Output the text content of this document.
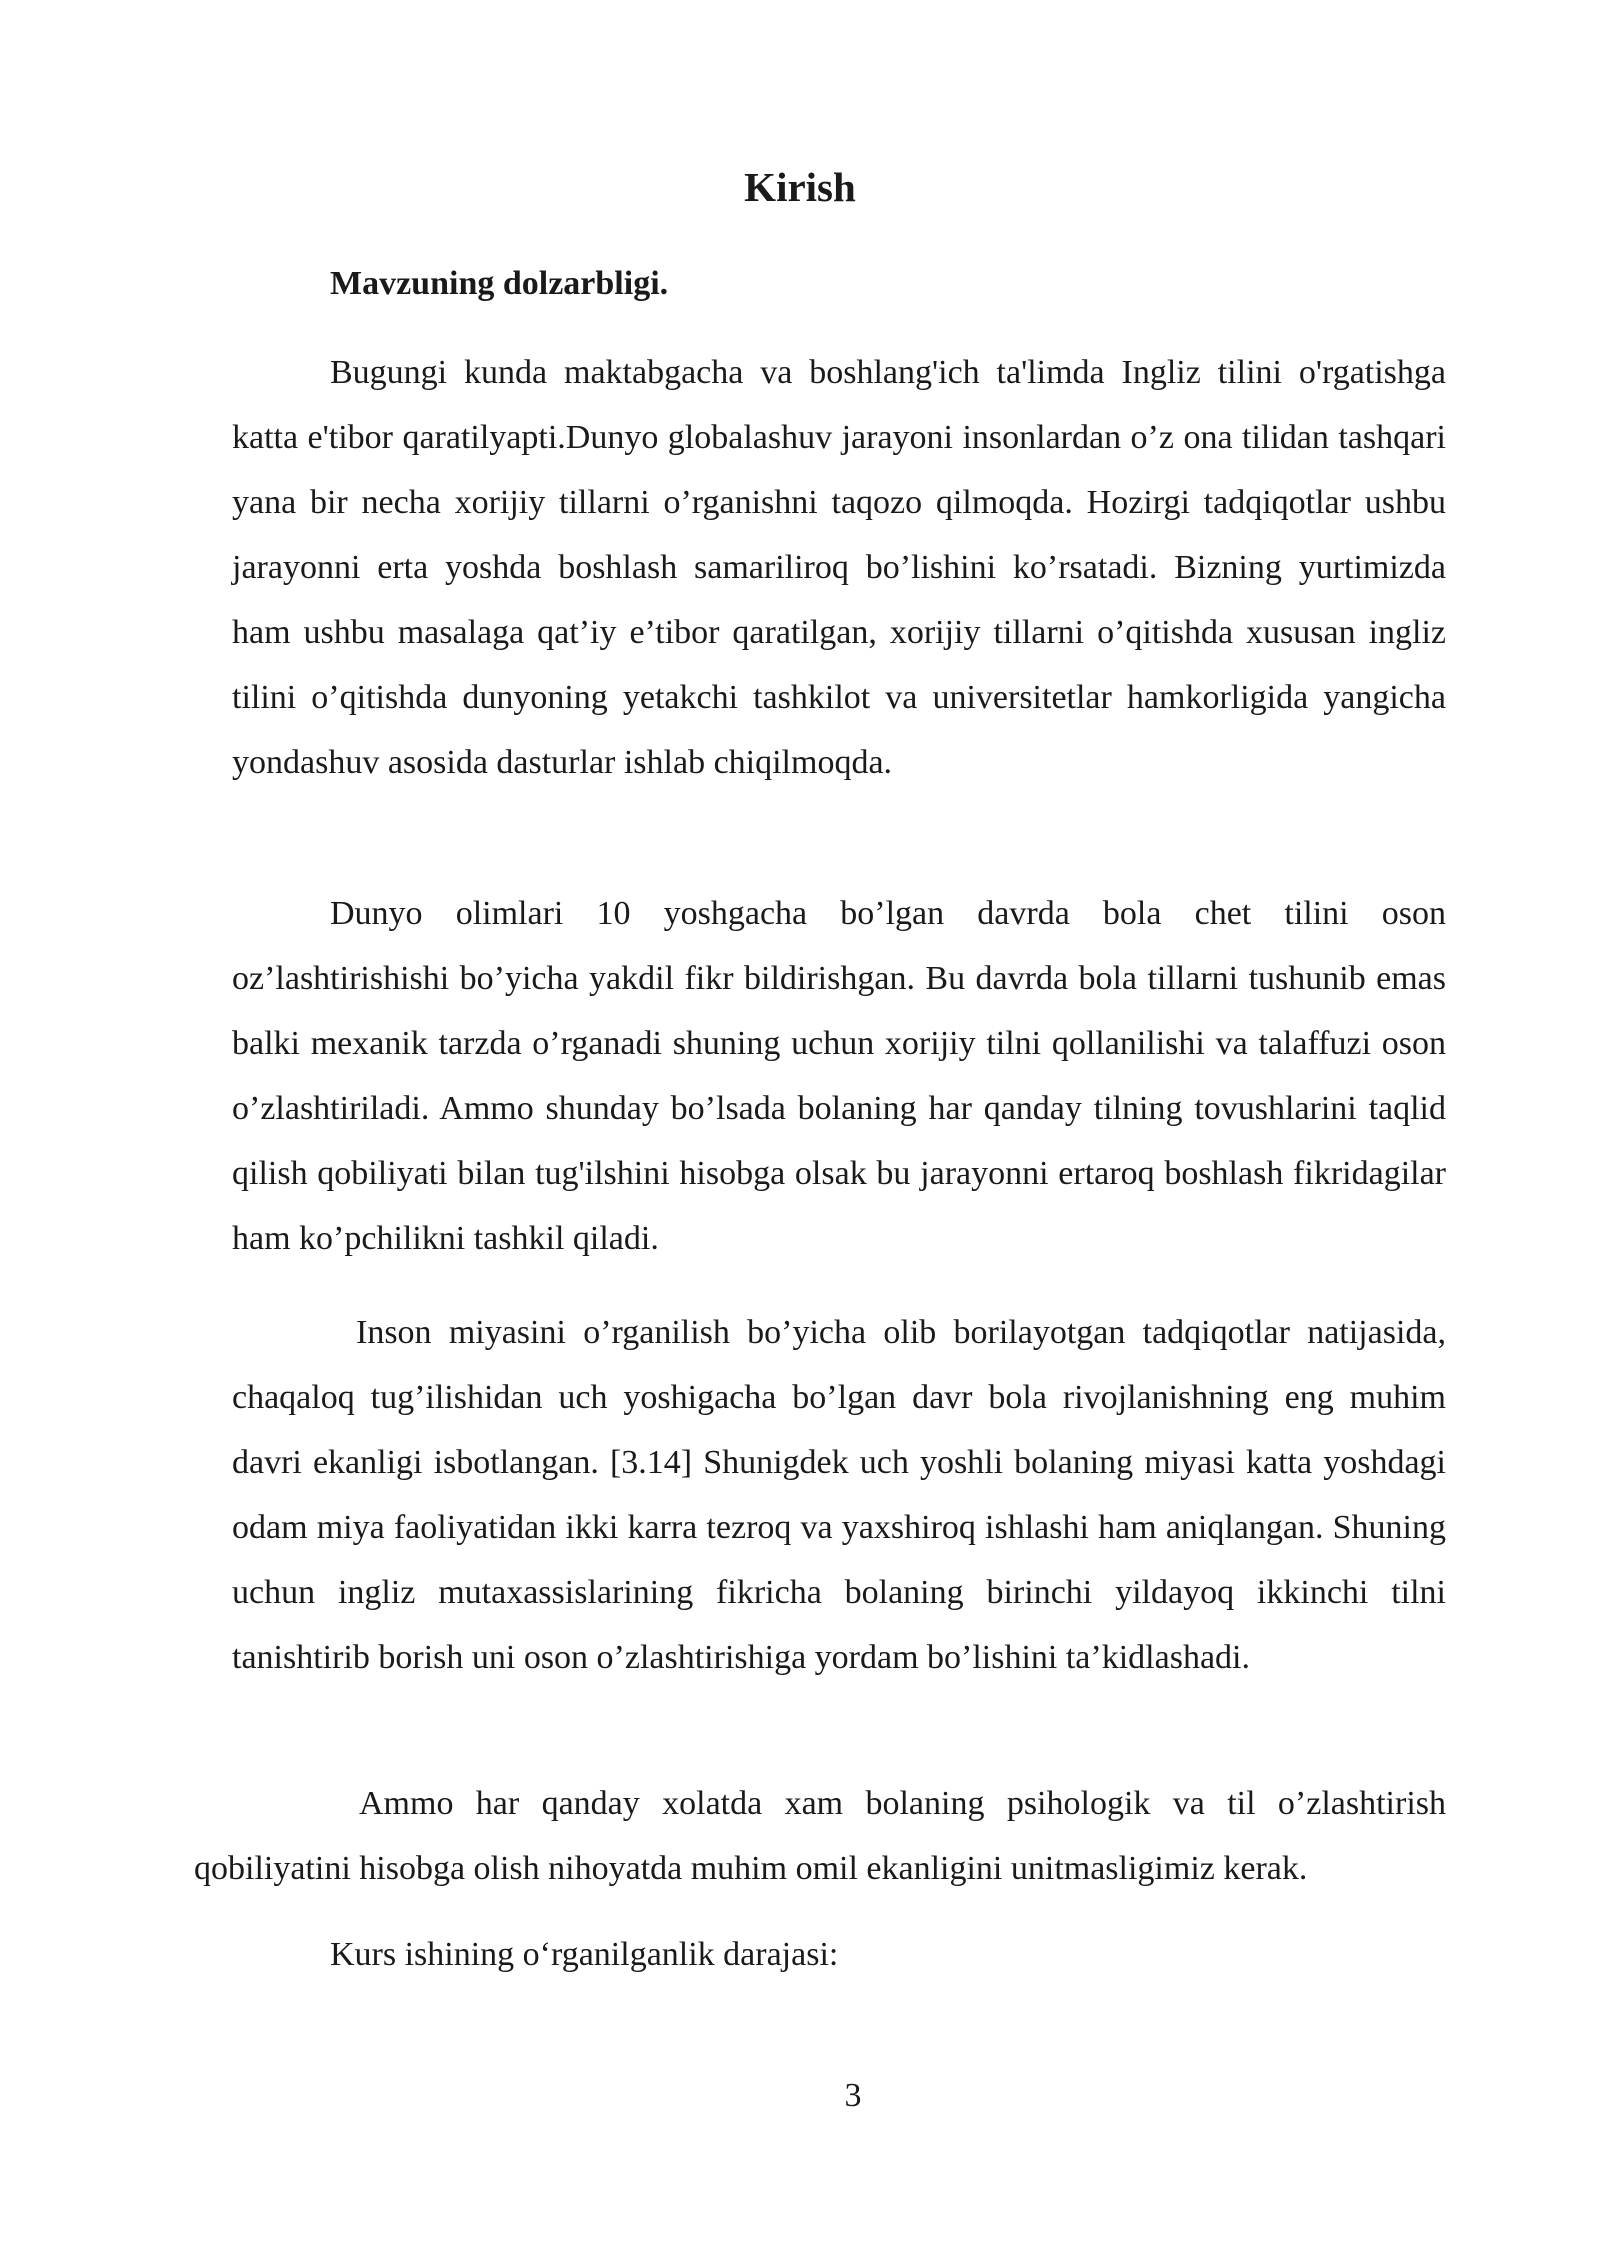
Kirish
Mavzuning dolzarbligi.

Bugungi kunda maktabgacha va boshlang'ich ta'limda Ingliz tilini o'rgatishga katta e'tibor qaratilyapti.Dunyo globalashuv jarayoni insonlardan o’z ona tilidan tashqari yana bir necha xorijiy tillarni o’rganishni taqozo qilmoqda. Hozirgi tadqiqotlar ushbu jarayonni erta yoshda boshlash samariliroq bo’lishini ko’rsatadi. Bizning yurtimizda ham ushbu masalaga qat’iy e’tibor qaratilgan, xorijiy tillarni o’qitishda xususan ingliz tilini o’qitishda dunyoning yetakchi tashkilot va universitetlar hamkorligida yangicha yondashuv asosida dasturlar ishlab chiqilmoqda.

Dunyo olimlari 10 yoshgacha bo’lgan davrda bola chet tilini oson oz’lashtirishishi bo’yicha yakdil fikr bildirishgan. Bu davrda bola tillarni tushunib emas balki mexanik tarzda o’rganadi shuning uchun xorijiy tilni qollanilishi va talaffuzi oson o’zlashtiriladi. Ammo shunday bo’lsada bolaning har qanday tilning tovushlarini taqlid qilish qobiliyati bilan tug'ilshini hisobga olsak bu jarayonni ertaroq boshlash fikridagilar ham ko’pchilikni tashkil qiladi.

Inson miyasini o’rganilish bo’yicha olib borilayotgan tadqiqotlar natijasida, chaqaloq tug’ilishidan uch yoshigacha bo’lgan davr bola rivojlanishning eng muhim davri ekanligi isbotlangan. [3.14] Shunigdek uch yoshli bolaning miyasi katta yoshdagi odam miya faoliyatidan ikki karra tezroq va yaxshiroq ishlashi ham aniqlangan. Shuning uchun ingliz mutaxassislarining fikricha bolaning birinchi yildayoq ikkinchi tilni tanishtirib borish uni oson o’zlashtirishiga yordam bo’lishini ta’kidlashadi.

Ammo har qanday xolatda xam bolaning psihologik va til o’zlashtirish qobiliyatini hisobga olish nihoyatda muhim omil ekanligini unitmasligimiz kerak.

Kurs ishining o‘rganilganlik darajasi:

3
